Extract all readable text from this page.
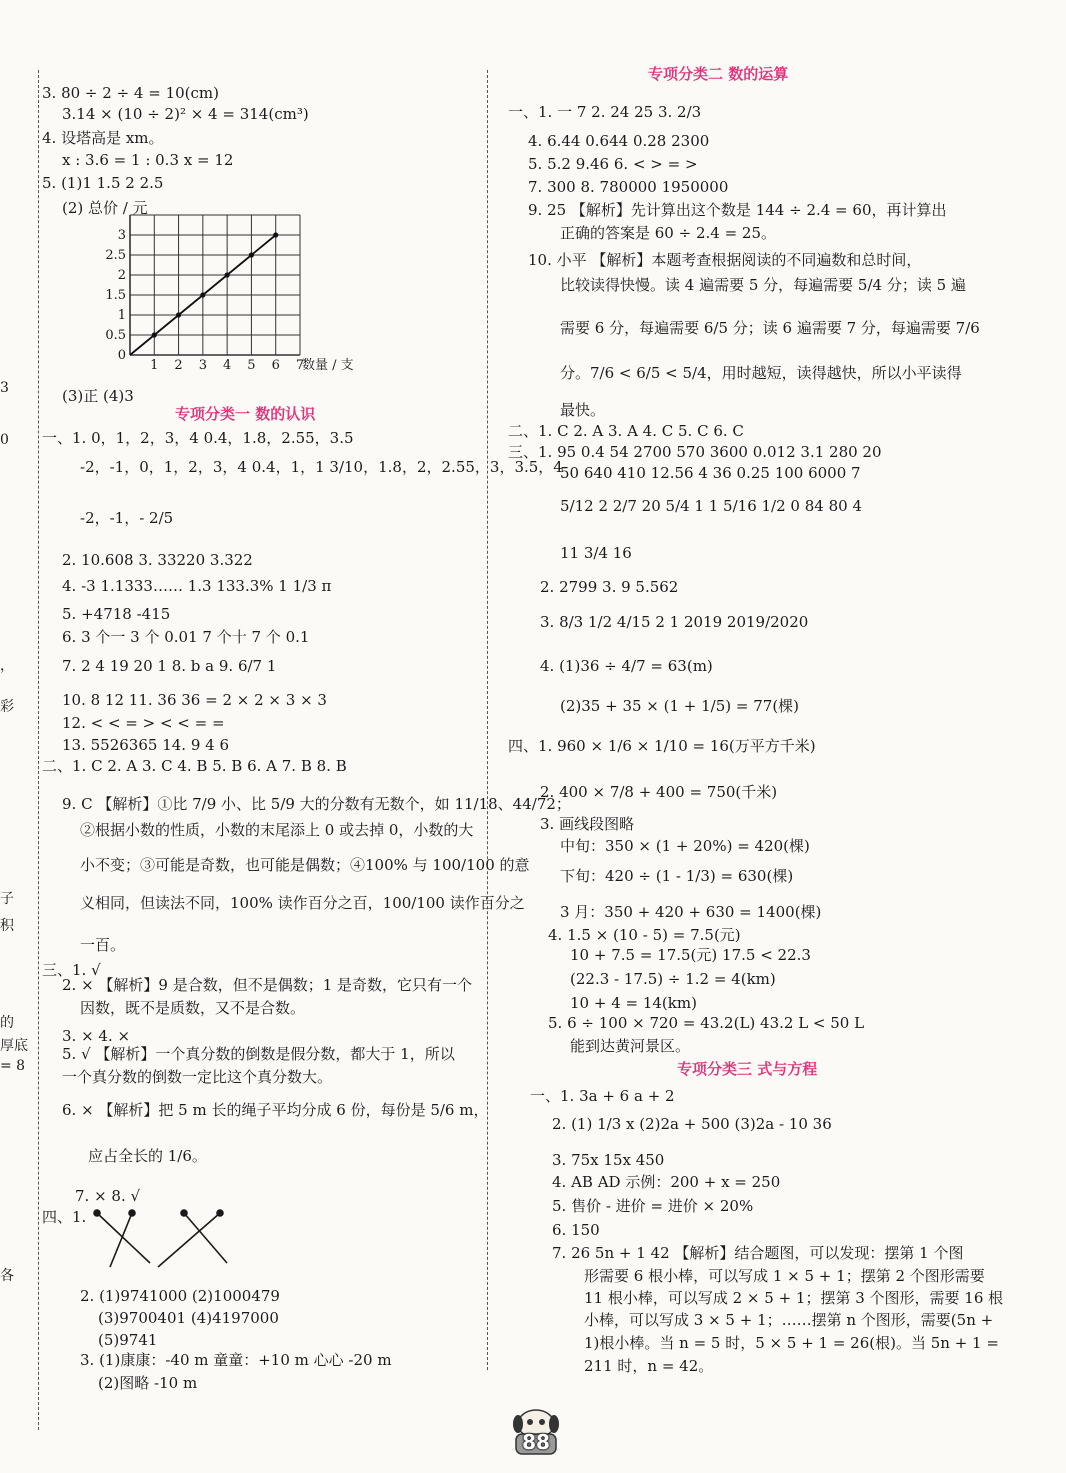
3
0
，
彩
子
积
的
厚底
= 8
各
3. 80 ÷ 2 ÷ 4 = 10(cm)
3.14 × (10 ÷ 2)² × 4 = 314(cm³)
4. 设塔高是 xm。
x : 3.6 = 1 : 0.3 x = 12
5. (1)1 1.5 2 2.5
(2) 总价 / 元
0.5
1
1.5
2
2.5
3
0
1 2 3 4 5 6 7
数量 / 支
(3)正 (4)3
专项分类一 数的认识
一、1. 0，1，2，3，4 0.4，1.8，2.55，3.5
-2，-1，0，1，2，3，4 0.4，1，1 3/10，1.8，2，2.55，3，3.5，4
-2，-1，- 2/5
2. 10.608 3. 33220 3.322
4. -3 1.1333…… 1.3 133.3% 1 1/3 π
5. +4718 -415
6. 3 个一 3 个 0.01 7 个十 7 个 0.1
7. 2 4 19 20 1 8. b a 9. 6/7 1
10. 8 12 11. 36 36 = 2 × 2 × 3 × 3
12. < < = > < < = =
13. 5526365 14. 9 4 6
二、1. C 2. A 3. C 4. B 5. B 6. A 7. B 8. B
9. C 【解析】①比 7/9 小、比 5/9 大的分数有无数个，如 11/18、44/72；
②根据小数的性质，小数的末尾添上 0 或去掉 0，小数的大
小不变；③可能是奇数，也可能是偶数；④100% 与 100/100 的意
义相同，但读法不同，100% 读作百分之百，100/100 读作百分之
一百。
三、1. √
2. × 【解析】9 是合数，但不是偶数；1 是奇数，它只有一个
因数，既不是质数，又不是合数。
3. × 4. ×
5. √ 【解析】一个真分数的倒数是假分数，都大于 1，所以
一个真分数的倒数一定比这个真分数大。
6. × 【解析】把 5 m 长的绳子平均分成 6 份，每份是 5/6 m，
应占全长的 1/6。
7. × 8. √
四、1.
2. (1)9741000 (2)1000479
(3)9700401 (4)4197000
(5)9741
3. (1)康康：-40 m 童童：+10 m 心心 -20 m
(2)图略 -10 m
专项分类二 数的运算
一、1. 一 7 2. 24 25 3. 2/3
4. 6.44 0.644 0.28 2300
5. 5.2 9.46 6. < > = >
7. 300 8. 780000 1950000
9. 25 【解析】先计算出这个数是 144 ÷ 2.4 = 60，再计算出
正确的答案是 60 ÷ 2.4 = 25。
10. 小平 【解析】本题考查根据阅读的不同遍数和总时间，
比较读得快慢。读 4 遍需要 5 分，每遍需要 5/4 分；读 5 遍
需要 6 分，每遍需要 6/5 分；读 6 遍需要 7 分，每遍需要 7/6
分。7/6 < 6/5 < 5/4，用时越短，读得越快，所以小平读得
最快。
二、1. C 2. A 3. A 4. C 5. C 6. C
三、1. 95 0.4 54 2700 570 3600 0.012 3.1 280 20
50 640 410 12.56 4 36 0.25 100 6000 7
5/12 2 2/7 20 5/4 1 1 5/16 1/2 0 84 80 4
11 3/4 16
2. 2799 3. 9 5.562
3. 8/3 1/2 4/15 2 1 2019 2019/2020
4. (1)36 ÷ 4/7 = 63(m)
(2)35 + 35 × (1 + 1/5) = 77(棵)
四、1. 960 × 1/6 × 1/10 = 16(万平方千米)
2. 400 × 7/8 + 400 = 750(千米)
3. 画线段图略
中旬：350 × (1 + 20%) = 420(棵)
下旬：420 ÷ (1 - 1/3) = 630(棵)
3 月：350 + 420 + 630 = 1400(棵)
4. 1.5 × (10 - 5) = 7.5(元)
10 + 7.5 = 17.5(元) 17.5 < 22.3
(22.3 - 17.5) ÷ 1.2 = 4(km)
10 + 4 = 14(km)
5. 6 ÷ 100 × 720 = 43.2(L) 43.2 L < 50 L
能到达黄河景区。
专项分类三 式与方程
一、1. 3a + 6 a + 2
2. (1) 1/3 x (2)2a + 500 (3)2a - 10 36
3. 75x 15x 450
4. AB AD 示例：200 + x = 250
5. 售价 - 进价 = 进价 × 20%
6. 150
7. 26 5n + 1 42 【解析】结合题图，可以发现：摆第 1 个图
形需要 6 根小棒，可以写成 1 × 5 + 1；摆第 2 个图形需要
11 根小棒，可以写成 2 × 5 + 1；摆第 3 个图形，需要 16 根
小棒，可以写成 3 × 5 + 1；……摆第 n 个图形，需要(5n +
1)根小棒。当 n = 5 时，5 × 5 + 1 = 26(根)。当 5n + 1 =
211 时，n = 42。
88
